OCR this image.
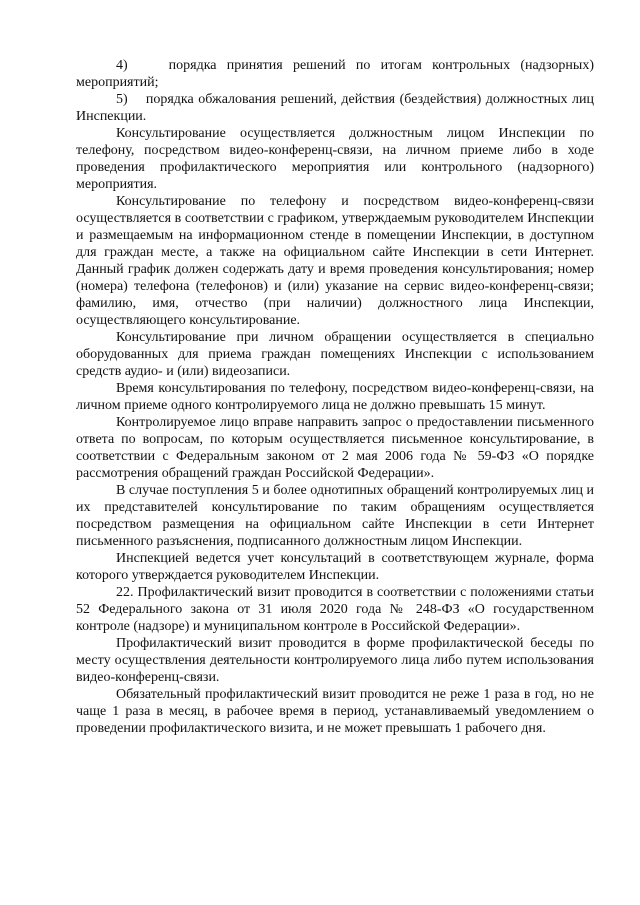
4)    порядка принятия решений по итогам контрольных (надзорных) мероприятий;

5)    порядка обжалования решений, действия (бездействия) должностных лиц Инспекции.

Консультирование осуществляется должностным лицом Инспекции по телефону, посредством видео-конференц-связи, на личном приеме либо в ходе проведения профилактического мероприятия или контрольного (надзорного) мероприятия.

Консультирование по телефону и посредством видео-конференц-связи осуществляется в соответствии с графиком, утверждаемым руководителем Инспекции и размещаемым на информационном стенде в помещении Инспекции, в доступном для граждан месте, а также на официальном сайте Инспекции в сети Интернет. Данный график должен содержать дату и время проведения консультирования; номер (номера) телефона (телефонов) и (или) указание на сервис видео-конференц-связи; фамилию, имя, отчество (при наличии) должностного лица Инспекции, осуществляющего консультирование.

Консультирование при личном обращении осуществляется в специально оборудованных для приема граждан помещениях Инспекции с использованием средств аудио- и (или) видеозаписи.

Время консультирования по телефону, посредством видео-конференц-связи, на личном приеме одного контролируемого лица не должно превышать 15 минут.

Контролируемое лицо вправе направить запрос о предоставлении письменного ответа по вопросам, по которым осуществляется письменное консультирование, в соответствии с Федеральным законом от 2 мая 2006 года № 59-ФЗ «О порядке рассмотрения обращений граждан Российской Федерации».

В случае поступления 5 и более однотипных обращений контролируемых лиц и их представителей консультирование по таким обращениям осуществляется посредством размещения на официальном сайте Инспекции в сети Интернет письменного разъяснения, подписанного должностным лицом Инспекции.

Инспекцией ведется учет консультаций в соответствующем журнале, форма которого утверждается руководителем Инспекции.

22. Профилактический визит проводится в соответствии с положениями статьи 52 Федерального закона от 31 июля 2020 года № 248-ФЗ «О государственном контроле (надзоре) и муниципальном контроле в Российской Федерации».

Профилактический визит проводится в форме профилактической беседы по месту осуществления деятельности контролируемого лица либо путем использования видео-конференц-связи.

Обязательный профилактический визит проводится не реже 1 раза в год, но не чаще 1 раза в месяц, в рабочее время в период, устанавливаемый уведомлением о проведении профилактического визита, и не может превышать 1 рабочего дня.
